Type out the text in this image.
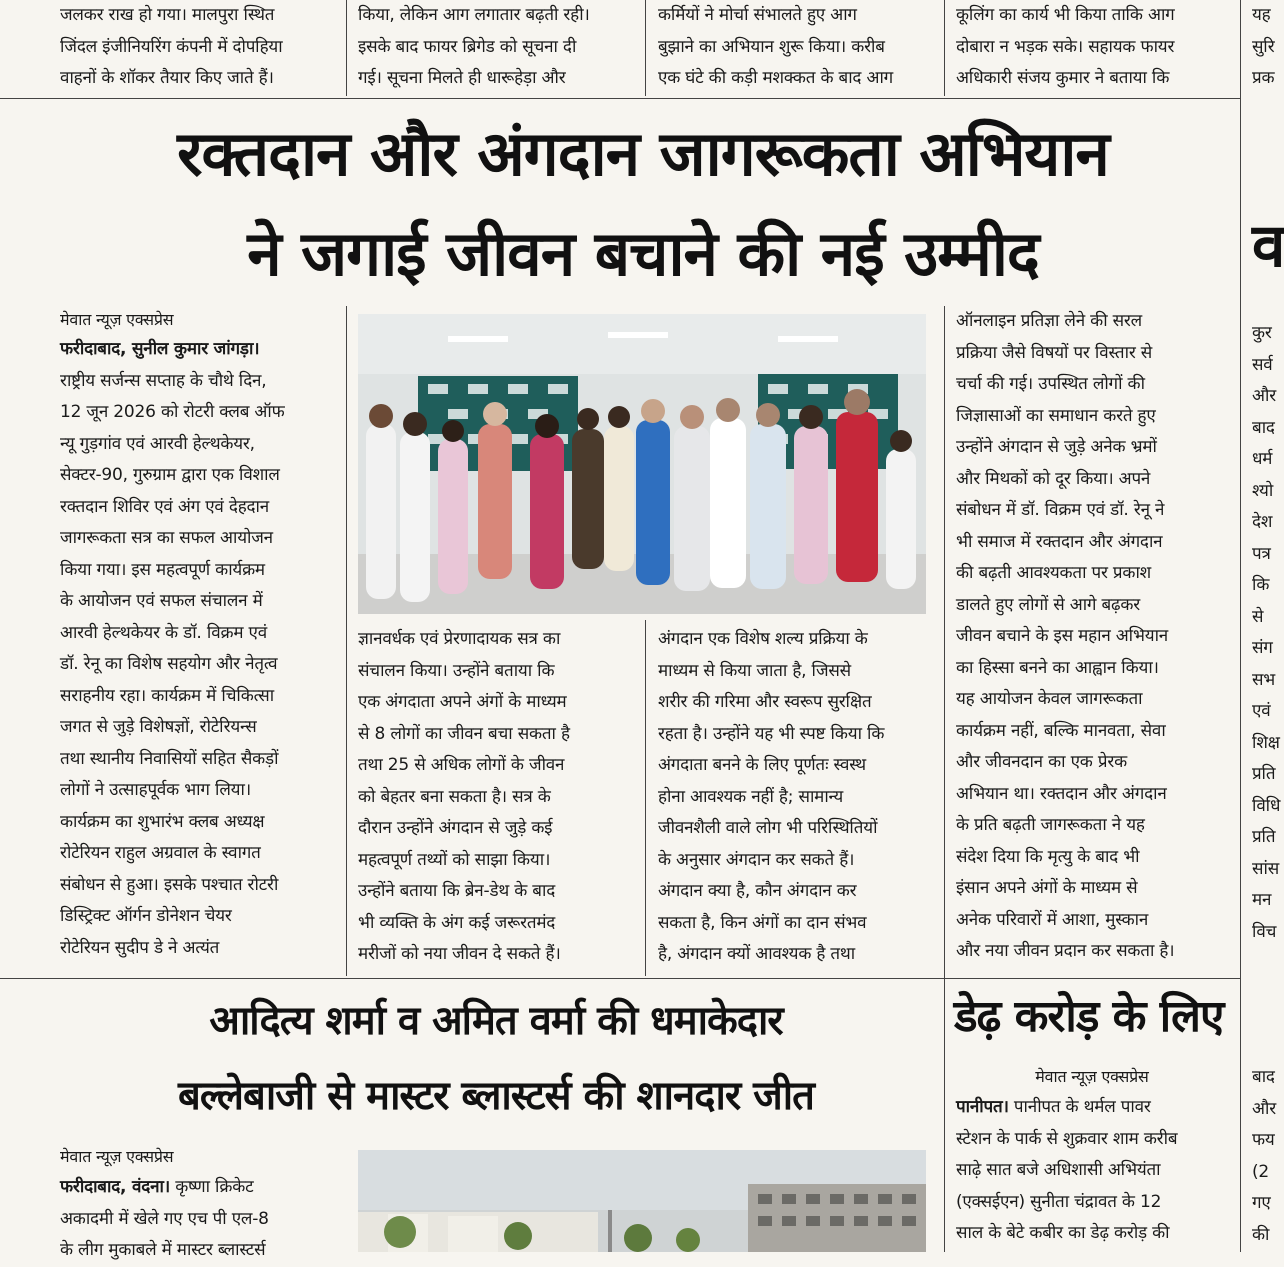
जलकर राख हो गया। मालपुरा स्थित
जिंदल इंजीनियरिंग कंपनी में दोपहिया
वाहनों के शॉकर तैयार किए जाते हैं।
किया, लेकिन आग लगातार बढ़ती रही।
इसके बाद फायर ब्रिगेड को सूचना दी
गई। सूचना मिलते ही धारूहेड़ा और
कर्मियों ने मोर्चा संभालते हुए आग
बुझाने का अभियान शुरू किया। करीब
एक घंटे की कड़ी मशक्कत के बाद आग
कूलिंग का कार्य भी किया ताकि आग
दोबारा न भड़क सके। सहायक फायर
अधिकारी संजय कुमार ने बताया कि
यह
सुरि
प्रक
रक्तदान और अंगदान जागरूकता अभियान
ने जगाई जीवन बचाने की नई उम्मीद	व
मेवात न्यूज़ एक्सप्रेस
फरीदाबाद, सुनील कुमार जांगड़ा।
राष्ट्रीय सर्जन्स सप्ताह के चौथे दिन,
12 जून 2026 को रोटरी क्लब ऑफ
न्यू गुड़गांव एवं आरवी हेल्थकेयर,
सेक्टर-90, गुरुग्राम द्वारा एक विशाल
रक्तदान शिविर एवं अंग एवं देहदान
जागरूकता सत्र का सफल आयोजन
किया गया। इस महत्वपूर्ण कार्यक्रम
के आयोजन एवं सफल संचालन में
आरवी हेल्थकेयर के डॉ. विक्रम एवं
डॉ. रेनू का विशेष सहयोग और नेतृत्व
सराहनीय रहा। कार्यक्रम में चिकित्सा
जगत से जुड़े विशेषज्ञों, रोटेरियन्स
तथा स्थानीय निवासियों सहित सैकड़ों
लोगों ने उत्साहपूर्वक भाग लिया।
कार्यक्रम का शुभारंभ क्लब अध्यक्ष
रोटेरियन राहुल अग्रवाल के स्वागत
संबोधन से हुआ। इसके पश्चात रोटरी
डिस्ट्रिक्ट ऑर्गन डोनेशन चेयर
रोटेरियन सुदीप डे ने अत्यंत
ज्ञानवर्धक एवं प्रेरणादायक सत्र का
संचालन किया। उन्होंने बताया कि
एक अंगदाता अपने अंगों के माध्यम
से 8 लोगों का जीवन बचा सकता है
तथा 25 से अधिक लोगों के जीवन
को बेहतर बना सकता है। सत्र के
दौरान उन्होंने अंगदान से जुड़े कई
महत्वपूर्ण तथ्यों को साझा किया।
उन्होंने बताया कि ब्रेन-डेथ के बाद
भी व्यक्ति के अंग कई जरूरतमंद
मरीजों को नया जीवन दे सकते हैं।
अंगदान एक विशेष शल्य प्रक्रिया के
माध्यम से किया जाता है, जिससे
शरीर की गरिमा और स्वरूप सुरक्षित
रहता है। उन्होंने यह भी स्पष्ट किया कि
अंगदाता बनने के लिए पूर्णतः स्वस्थ
होना आवश्यक नहीं है; सामान्य
जीवनशैली वाले लोग भी परिस्थितियों
के अनुसार अंगदान कर सकते हैं।
अंगदान क्या है, कौन अंगदान कर
सकता है, किन अंगों का दान संभव
है, अंगदान क्यों आवश्यक है तथा
ऑनलाइन प्रतिज्ञा लेने की सरल
प्रक्रिया जैसे विषयों पर विस्तार से
चर्चा की गई। उपस्थित लोगों की
जिज्ञासाओं का समाधान करते हुए
उन्होंने अंगदान से जुड़े अनेक भ्रमों
और मिथकों को दूर किया। अपने
संबोधन में डॉ. विक्रम एवं डॉ. रेनू ने
भी समाज में रक्तदान और अंगदान
की बढ़ती आवश्यकता पर प्रकाश
डालते हुए लोगों से आगे बढ़कर
जीवन बचाने के इस महान अभियान
का हिस्सा बनने का आह्वान किया।
यह आयोजन केवल जागरूकता
कार्यक्रम नहीं, बल्कि मानवता, सेवा
और जीवनदान का एक प्रेरक
अभियान था। रक्तदान और अंगदान
के प्रति बढ़ती जागरूकता ने यह
संदेश दिया कि मृत्यु के बाद भी
इंसान अपने अंगों के माध्यम से
अनेक परिवारों में आशा, मुस्कान
और नया जीवन प्रदान कर सकता है।
कुर
सर्व
और
बाद
धर्म
श्यो
देश
पत्र
कि
से
संग
सभ
एवं
शिक्ष
प्रति
विधि
प्रति
सांस
मन
विच
आदित्य शर्मा व अमित वर्मा की धमाकेदार
बल्लेबाजी से मास्टर ब्लास्टर्स की शानदार जीत
मेवात न्यूज़ एक्सप्रेस
फरीदाबाद, वंदना। कृष्णा क्रिकेट
अकादमी में खेले गए एच पी एल-8
के लीग मुकाबले में मास्टर ब्लास्टर्स
डेढ़ करोड़ के लिए
मेवात न्यूज़ एक्सप्रेस
पानीपत। पानीपत के थर्मल पावर
स्टेशन के पार्क से शुक्रवार शाम करीब
साढ़े सात बजे अधिशासी अभियंता
(एक्सईएन) सुनीता चंद्रावत के 12
साल के बेटे कबीर का डेढ़ करोड़ की
बाद
और
फय
(2
गए
की
